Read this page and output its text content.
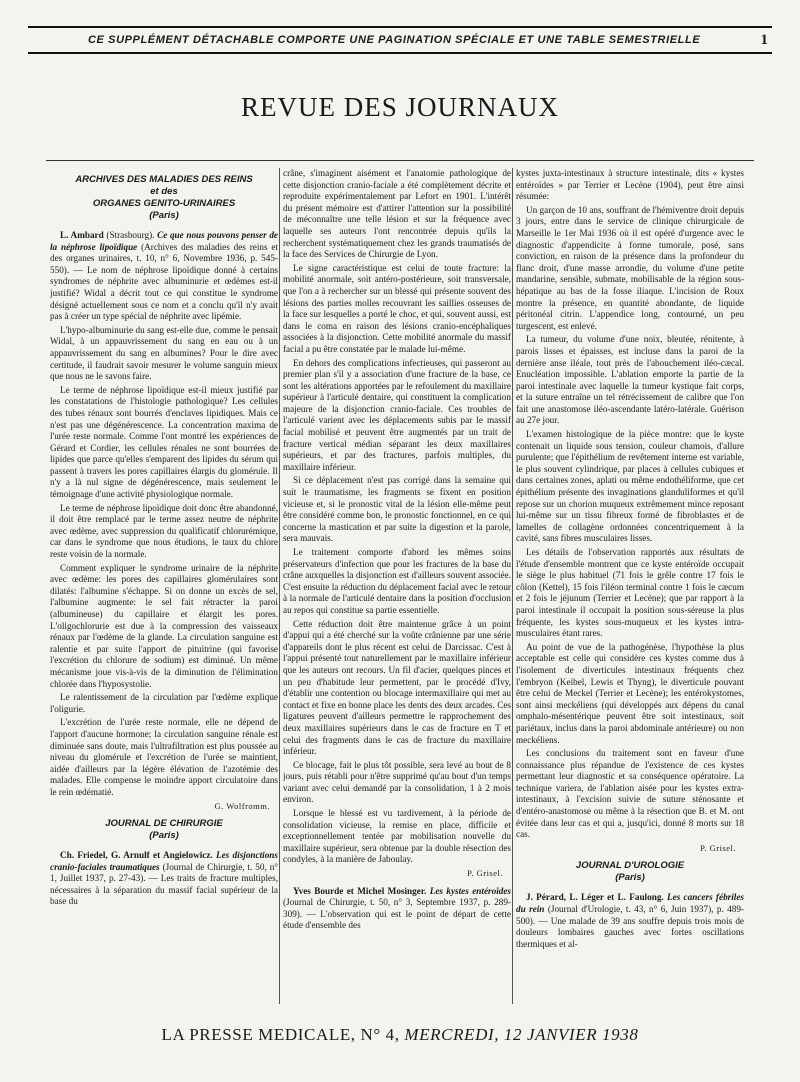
CE SUPPLÉMENT DÉTACHABLE COMPORTE UNE PAGINATION SPÉCIALE ET UNE TABLE SEMESTRIELLE	1
REVUE DES JOURNAUX
ARCHIVES DES MALADIES DES REINS
et des
ORGANES GENITO-URINAIRES
(Paris)

L. Ambard (Strasbourg). Ce que nous pouvons penser de la néphrose lipoïdique (Archives des maladies des reins et des organes urinaires, t. 10, n° 6, Novembre 1936, p. 545-550). — Le nom de néphrose lipoïdique donné à certains syndromes de néphrite avec albuminurie et œdèmes est-il justifié? Widal a décrit tout ce qui constitue le syndrome désigné actuellement sous ce nom et a conclu qu'il n'y avait pas à créer un type spécial de néphrite avec lipémie.

L'hypo-albuminurie du sang est-elle due, comme le pensait Widal, à un appauvrissement du sang en eau ou à un appauvrissement du sang en albumines? Pour le dire avec certitude, il faudrait savoir mesurer le volume sanguin mieux que nous ne le savons faire.

Le terme de néphrose lipoïdique est-il mieux justifié par les constatations de l'histologie pathologique? Les cellules des tubes rénaux sont bourrés d'enclaves lipidiques. Mais ce n'est pas une dégénérescence. La concentration maxima de l'urée reste normale. Comme l'ont montré les expériences de Gérard et Cordier, les cellules rénales ne sont bourrées de lipides que parce qu'elles s'emparent des lipides du sérum qui passent à travers les pores capillaires élargis du glomérule. Il n'y a là nul signe de dégénérescence, mais seulement le témoignage d'une activité physiologique normale.

Le terme de néphrose lipoïdique doit donc être abandonné, il doit être remplacé par le terme assez neutre de néphrite avec œdème, avec suppression du qualificatif chlorurémique, car dans le syndrome que nous étudions, le taux du chlore reste voisin de la normale.

Comment expliquer le syndrome urinaire de la néphrite avec œdème: les pores des capillaires glomérulaires sont dilatés: l'albumine s'échappe. Si on donne un excès de sel, l'albumine augmente: le sel fait rétracter la paroi (albumineuse) du capillaire et élargit les pores. L'oligochlorurie est due à la compression des vaisseaux rénaux par l'œdème de la glande. La circulation sanguine est ralentie et par suite l'apport de pituitrine (qui favorise l'excrétion du chlorure de sodium) est diminué. Un même mécanisme joue vis-à-vis de la diminution de l'élimination chlorée dans l'hyposystolie.

Le ralentissement de la circulation par l'œdème explique l'oligurie.

L'excrétion de l'urée reste normale, elle ne dépend de l'apport d'aucune hormone; la circulation sanguine rénale est diminuée sans doute, mais l'ultrafiltration est plus poussée au niveau du glomérule et l'excrétion de l'urée se maintient, aidée d'ailleurs par la légère élévation de l'azotémie des malades. Elle compense le moindre apport circulatoire dans le rein œdématié.

G. Wolfromm.
JOURNAL DE CHIRURGIE
(Paris)

Ch. Friedel, G. Arnulf et Angielowicz. Les disjonctions cranio-faciales traumatiques (Journal de Chirurgie, t. 50, n° 1, Juillet 1937, p. 27-43). — Les traits de fracture multiples, nécessaires à la séparation du massif facial supérieur de la base du

crâne, s'imaginent aisément et l'anatomie pathologique de cette disjonction cranio-faciale a été complètement décrite et reproduite expérimentalement par Lefort en 1901. L'intérêt du présent mémoire est d'attirer l'attention sur la possibilité de méconnaître une telle lésion et sur la fréquence avec laquelle ses auteurs l'ont rencontrée depuis qu'ils la recherchent systématiquement chez les grands traumatisés de la face des Services de Chirurgie de Lyon.

Le signe caractéristique est celui de toute fracture: la mobilité anormale, soit antéro-postérieure, soit transversale, que l'on a à rechercher sur un blessé qui présente souvent des lésions des parties molles recouvrant les saillies osseuses de la face sur lesquelles a porté le choc, et qui, souvent aussi, est dans le coma en raison des lésions cranio-encéphaliques associées à la disjonction. Cette mobilité anormale du massif facial a pu être constatée par le malade lui-même.

En dehors des complications infectieuses, qui passeront au premier plan s'il y a association d'une fracture de la base, ce sont les altérations apportées par le refoulement du maxillaire supérieur à l'articulé dentaire, qui constituent la complication majeure de la disjonction cranio-faciale. Ces troubles de l'articulé varient avec les déplacements subis par le massif facial mobilisé et peuvent être augmentés par un trait de fracture vertical médian séparant les deux maxillaires supérieurs, et par des fractures, parfois multiples, du maxillaire inférieur.

Si ce déplacement n'est pas corrigé dans la semaine qui suit le traumatisme, les fragments se fixent en position vicieuse et, si le pronostic vital de la lésion elle-même peut être considéré comme bon, le pronostic fonctionnel, en ce qui concerne la mastication et par suite la digestion et la parole, sera mauvais.

Le traitement comporte d'abord les mêmes soins préservateurs d'infection que pour les fractures de la base du crâne auxquelles la disjonction est d'ailleurs souvent associée. C'est ensuite la réduction du déplacement facial avec le retour à la normale de l'articulé dentaire dans la position d'occlusion au repos qui constitue sa partie essentielle.

Cette réduction doit être maintenue grâce à un point d'appui qui a été cherché sur la voûte crânienne par une série d'appareils dont le plus récent est celui de Darcissac. C'est à l'appui présenté tout naturellement par le maxillaire inférieur que les auteurs ont recours. Un fil d'acier, quelques pinces et un peu d'habitude leur permettent, par le procédé d'Ivy, d'établir une contention ou blocage intermaxillaire qui met au contact et fixe en bonne place les dents des deux arcades. Ces ligatures peuvent d'ailleurs permettre le rapprochement des deux maxillaires supérieurs dans le cas de fracture en T et celui des fragments dans le cas de fracture du maxillaire inférieur.

Ce blocage, fait le plus tôt possible, sera levé au bout de 8 jours, puis rétabli pour n'être supprimé qu'au bout d'un temps variant avec celui demandé par la consolidation, 1 à 2 mois environ.

Lorsque le blessé est vu tardivement, à la période de consolidation vicieuse, la remise en place, difficile et exceptionnellement tentée par mobilisation nouvelle du maxillaire supérieur, sera obtenue par la double résection des condyles, à la manière de Jaboulay.

P. Grisel.

Yves Bourde et Michel Mosinger. Les kystes entéroïdes (Journal de Chirurgie, t. 50, n° 3, Septembre 1937, p. 289-309). — L'observation qui est le point de départ de cette étude d'ensemble des

kystes juxta-intestinaux à structure intestinale, dits « kystes entéroïdes » par Terrier et Lecène (1904), peut être ainsi résumée:

Un garçon de 10 ans, souffrant de l'hémiventre droit depuis 3 jours, entre dans le service de clinique chirurgicale de Marseille le 1er Mai 1936 où il est opéré d'urgence avec le diagnostic d'appendicite à forme tumorale, posé, sans conviction, en raison de la présence dans la profondeur du flanc droit, d'une masse arrondie, du volume d'une petite mandarine, sensible, submate, mobilisable de la région sous-hépatique au bas de la fosse iliaque. L'incision de Roux montre la présence, en quantité abondante, de liquide péritonéal citrin. L'appendice long, contourné, un peu turgescent, est enlevé.

La tumeur, du volume d'une noix, bleutée, rénitente, à parois lisses et épaisses, est incluse dans la paroi de la dernière anse iléale, tout près de l'abouchement iléo-cæcal. Enucléation impossible. L'ablation emporte la partie de la paroi intestinale avec laquelle la tumeur kystique fait corps, et la suture entraîne un tel rétrécissement de calibre que l'on fait une anastomose iléo-ascendante latéro-latérale. Guérison au 27e jour.

L'examen histologique de la pièce montre: que le kyste contenait un liquide sous tension, couleur chamois, d'allure purulente; que l'épithélium de revêtement interne est variable, le plus souvent cylindrique, par places à cellules cubiques et dans certaines zones, aplati ou même endothéliforme, que cet épithélium présente des invaginations glanduliformes et qu'il repose sur un chorion muqueux extrêmement mince reposant lui-même sur un tissu fibreux formé de fibroblastes et de lamelles de collagène ordonnées concentriquement à la cavité, sans fibres musculaires lisses.

Les détails de l'observation rapportés aux résultats de l'étude d'ensemble montrent que ce kyste entéroïde occupait le siège le plus habituel (71 fois le grêle contre 17 fois le côlon (Kettel), 15 fois l'iléon terminal contre 1 fois le cæcum et 2 fois le jéjunum (Terrier et Lecène); que par rapport à la paroi intestinale il occupait la position sous-séreuse la plus fréquente, les kystes sous-muqueux et les kystes intra-musculaires étant rares.

Au point de vue de la pathogénèse, l'hypothèse la plus acceptable est celle qui considère ces kystes comme dus à l'isolement de diverticules intestinaux fréquents chez l'embryon (Keibel, Lewis et Thyng), le diverticule pouvant être celui de Meckel (Terrier et Lecène); les entérokystomes, sont ainsi meckéliens (qui développés aux dépens du canal omphalo-mésentérique peuvent être soit intestinaux, soit pariétaux, inclus dans la paroi abdominale antérieure) ou non meckéliens.

Les conclusions du traitement sont en faveur d'une connaissance plus répandue de l'existence de ces kystes permettant leur diagnostic et sa conséquence opératoire. La technique variera, de l'ablation aisée pour les kystes extra-intestinaux, à l'excision suivie de suture sténosante et d'entéro-anastomose ou même à la résection que B. et M. ont évitée dans leur cas et qui a, jusqu'ici, donné 8 morts sur 18 cas.

P. Grisel.
JOURNAL D'UROLOGIE
(Paris)

J. Pérard, L. Léger et L. Faulong. Les cancers fébriles du rein (Journal d'Urologie, t. 43, n° 6, Juin 1937), p. 489-500). — Une malade de 39 ans souffre depuis trois mois de douleurs lombaires gauches avec fortes oscillations thermiques et al-

LA PRESSE MEDICALE, N° 4, MERCREDI, 12 JANVIER 1938
